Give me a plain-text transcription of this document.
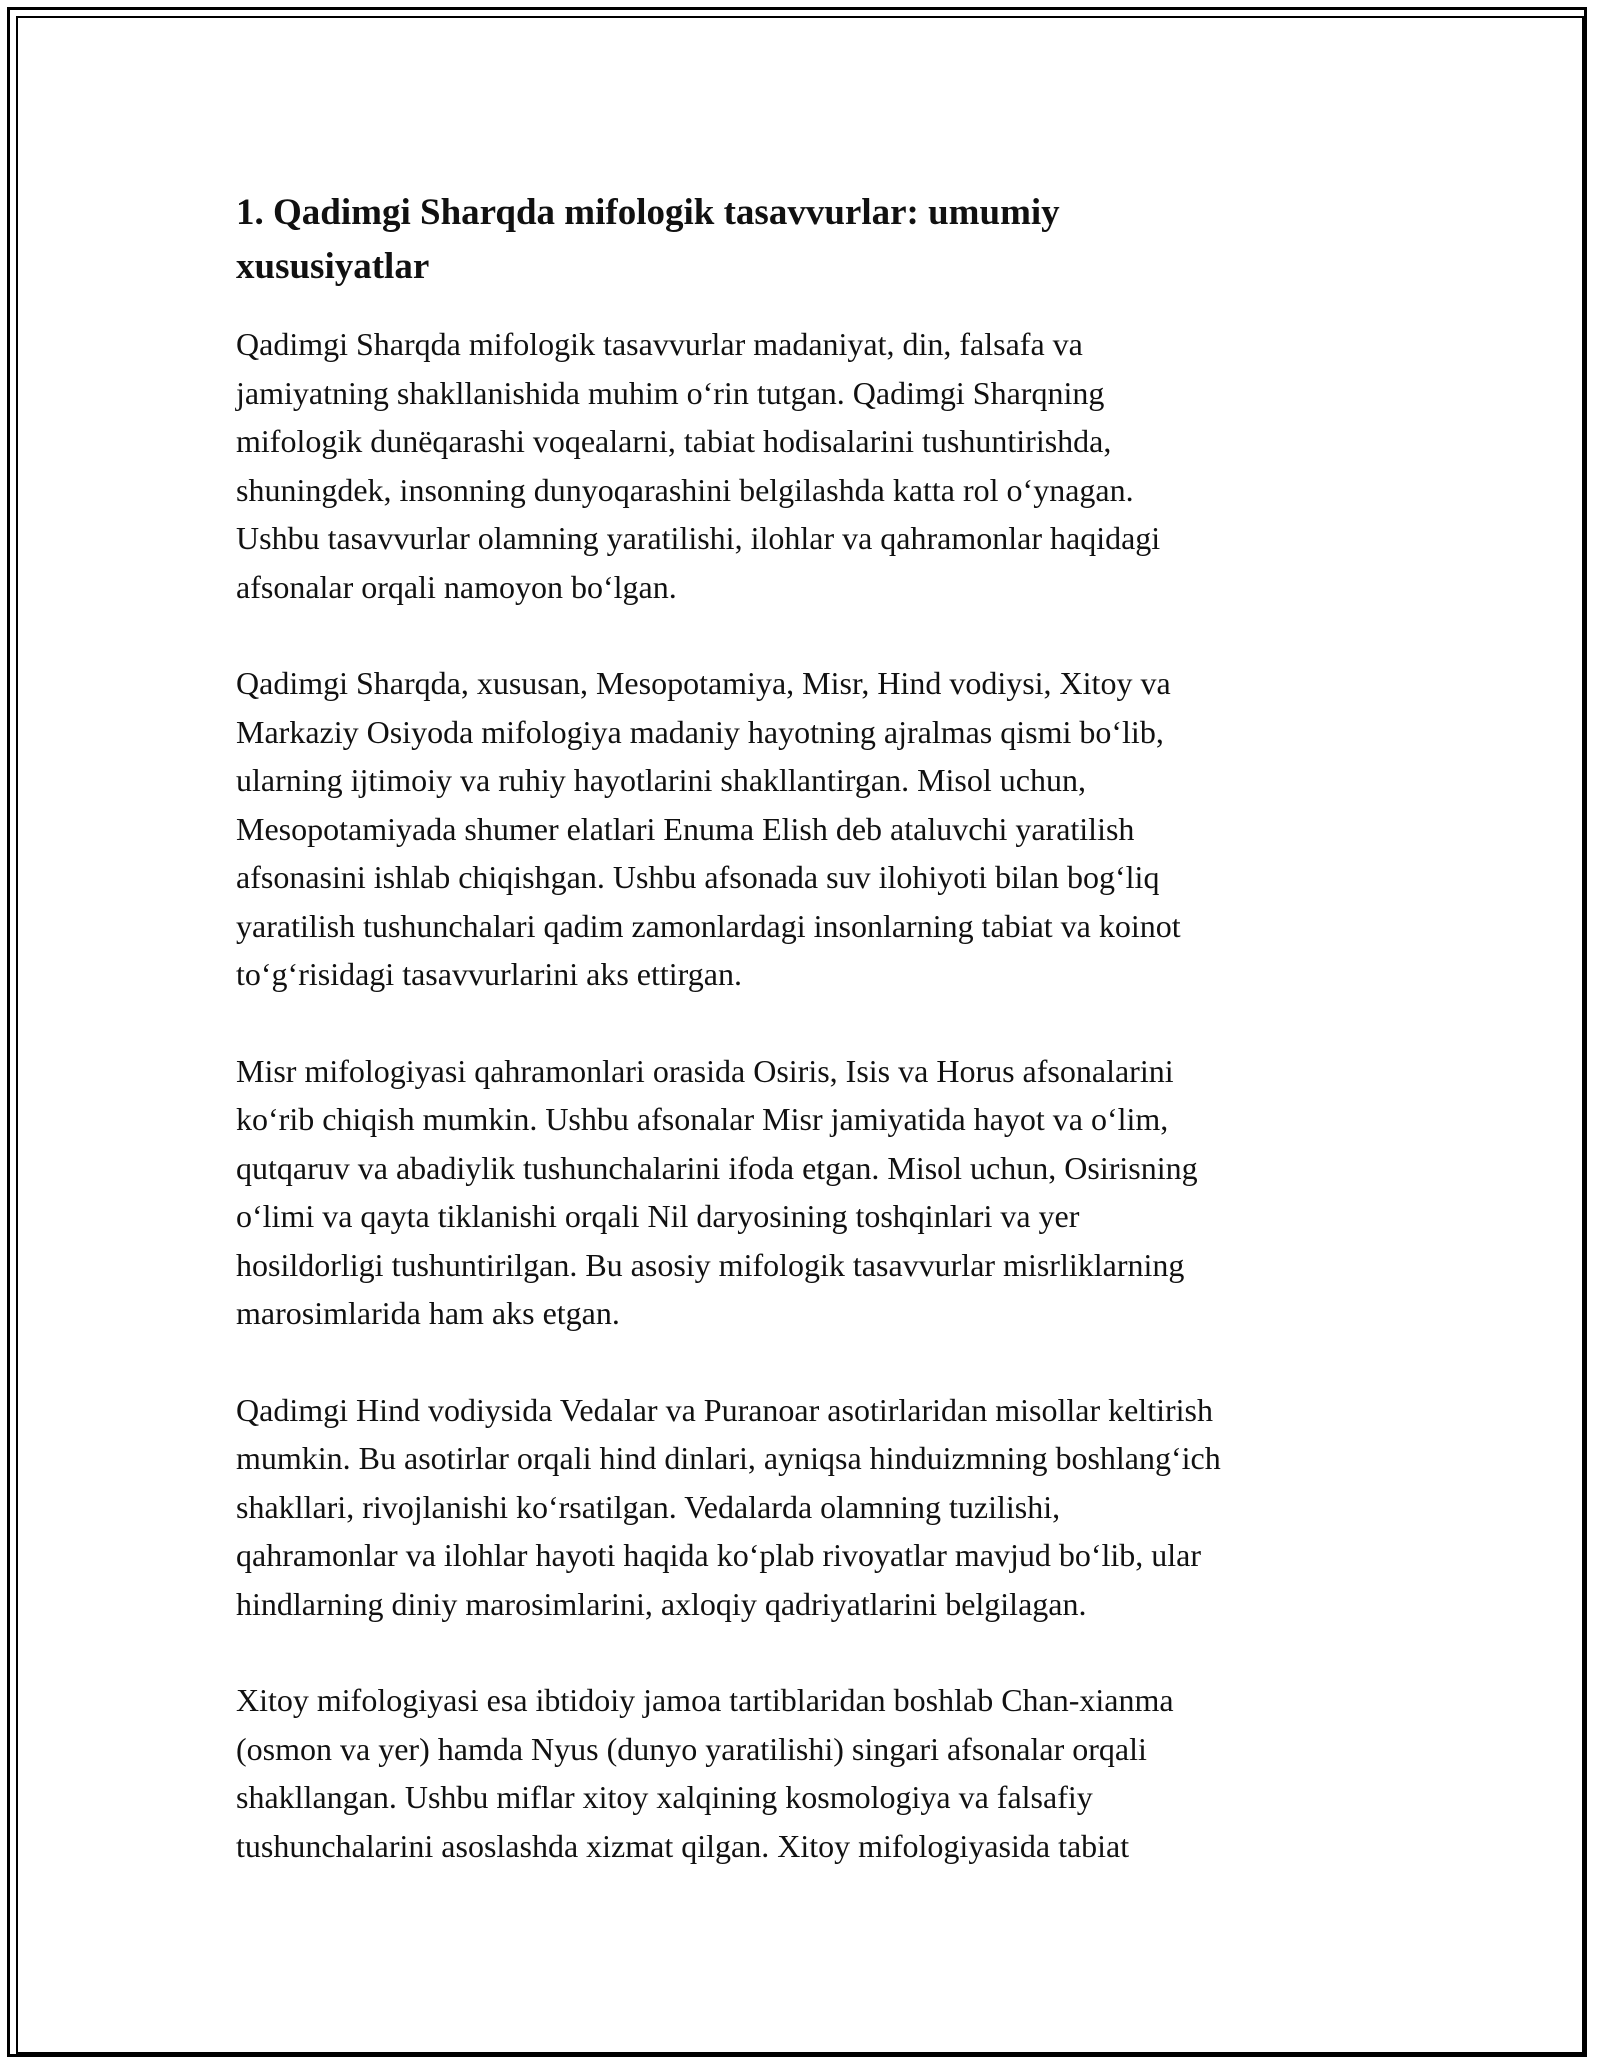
1. Qadimgi Sharqda mifologik tasavvurlar: umumiy
xususiyatlar

Qadimgi Sharqda mifologik tasavvurlar madaniyat, din, falsafa va
jamiyatning shakllanishida muhim o‘rin tutgan. Qadimgi Sharqning
mifologik dunëqarashi voqealarni, tabiat hodisalarini tushuntirishda,
shuningdek, insonning dunyoqarashini belgilashda katta rol o‘ynagan.
Ushbu tasavvurlar olamning yaratilishi, ilohlar va qahramonlar haqidagi
afsonalar orqali namoyon bo‘lgan.

Qadimgi Sharqda, xususan, Mesopotamiya, Misr, Hind vodiysi, Xitoy va
Markaziy Osiyoda mifologiya madaniy hayotning ajralmas qismi bo‘lib,
ularning ijtimoiy va ruhiy hayotlarini shakllantirgan. Misol uchun,
Mesopotamiyada shumer elatlari Enuma Elish deb ataluvchi yaratilish
afsonasini ishlab chiqishgan. Ushbu afsonada suv ilohiyoti bilan bog‘liq
yaratilish tushunchalari qadim zamonlardagi insonlarning tabiat va koinot
to‘g‘risidagi tasavvurlarini aks ettirgan.

Misr mifologiyasi qahramonlari orasida Osiris, Isis va Horus afsonalarini
ko‘rib chiqish mumkin. Ushbu afsonalar Misr jamiyatida hayot va o‘lim,
qutqaruv va abadiylik tushunchalarini ifoda etgan. Misol uchun, Osirisning
o‘limi va qayta tiklanishi orqali Nil daryosining toshqinlari va yer
hosildorligi tushuntirilgan. Bu asosiy mifologik tasavvurlar misrliklarning
marosimlarida ham aks etgan.

Qadimgi Hind vodiysida Vedalar va Puranoar asotirlaridan misollar keltirish
mumkin. Bu asotirlar orqali hind dinlari, ayniqsa hinduizmning boshlang‘ich
shakllari, rivojlanishi ko‘rsatilgan. Vedalarda olamning tuzilishi,
qahramonlar va ilohlar hayoti haqida ko‘plab rivoyatlar mavjud bo‘lib, ular
hindlarning diniy marosimlarini, axloqiy qadriyatlarini belgilagan.

Xitoy mifologiyasi esa ibtidoiy jamoa tartiblaridan boshlab Chan-xianma
(osmon va yer) hamda Nyus (dunyo yaratilishi) singari afsonalar orqali
shakllangan. Ushbu miflar xitoy xalqining kosmologiya va falsafiy
tushunchalarini asoslashda xizmat qilgan. Xitoy mifologiyasida tabiat
